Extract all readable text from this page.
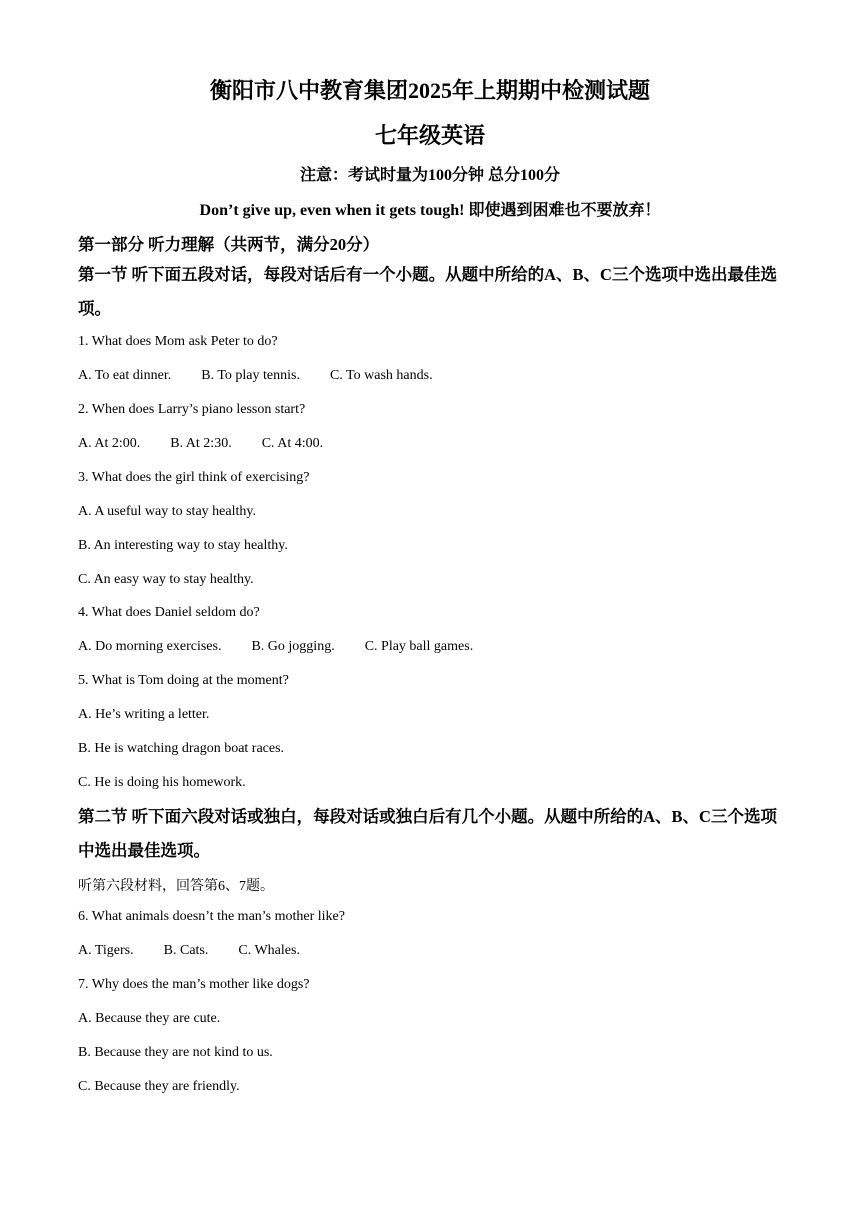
衡阳市八中教育集团2025年上期期中检测试题
七年级英语
注意：考试时量为100分钟 总分100分
Don’t give up, even when it gets tough! 即使遇到困难也不要放弃！
第一部分 听力理解（共两节，满分20分）
第一节 听下面五段对话，每段对话后有一个小题。从题中所给的A、B、C三个选项中选出最佳选项。
1. What does Mom ask Peter to do?
A. To eat dinner. B. To play tennis. C. To wash hands.
2. When does Larry’s piano lesson start?
A. At 2:00. B. At 2:30. C. At 4:00.
3. What does the girl think of exercising?
A. A useful way to stay healthy.
B. An interesting way to stay healthy.
C. An easy way to stay healthy.
4. What does Daniel seldom do?
A. Do morning exercises. B. Go jogging. C. Play ball games.
5. What is Tom doing at the moment?
A. He’s writing a letter.
B. He is watching dragon boat races.
C. He is doing his homework.
第二节 听下面六段对话或独白，每段对话或独白后有几个小题。从题中所给的A、B、C三个选项中选出最佳选项。
听第六段材料，回答第6、7题。
6. What animals doesn’t the man’s mother like?
A. Tigers. B. Cats. C. Whales.
7. Why does the man’s mother like dogs?
A. Because they are cute.
B. Because they are not kind to us.
C. Because they are friendly.
